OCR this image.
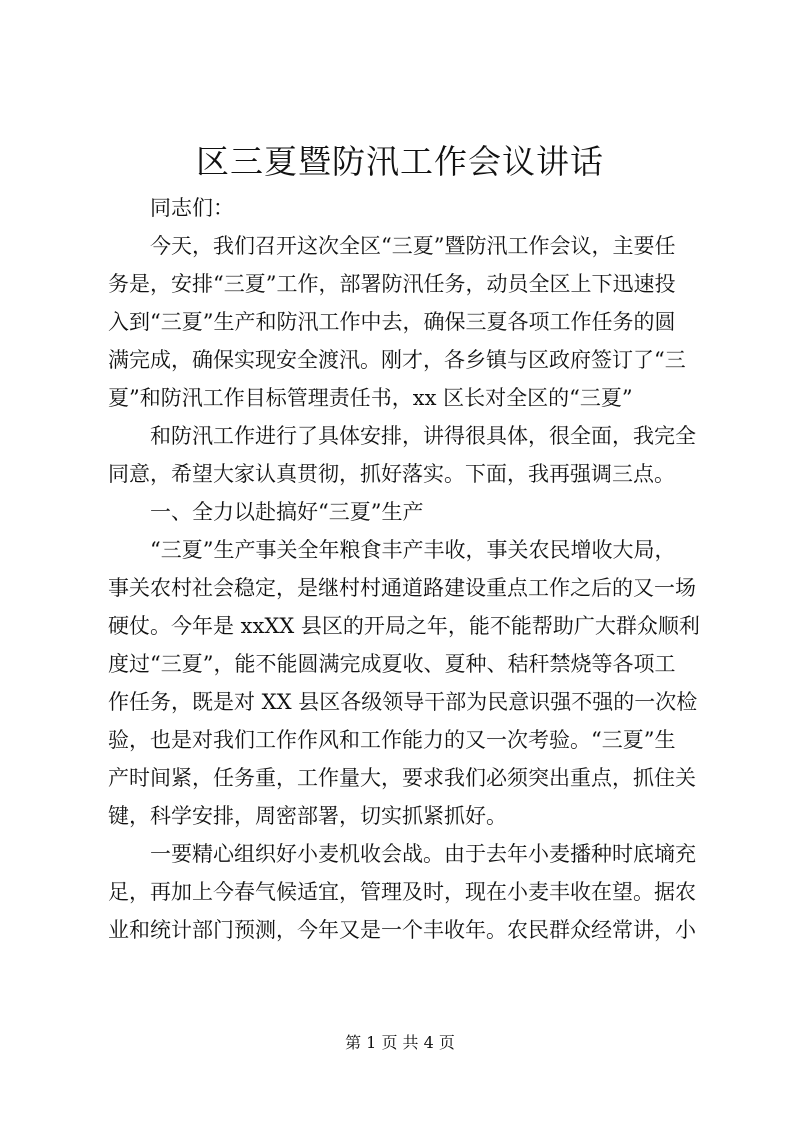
区三夏暨防汛工作会议讲话
同志们：
今天，我们召开这次全区“三夏”暨防汛工作会议，主要任
务是，安排“三夏”工作，部署防汛任务，动员全区上下迅速投
入到“三夏”生产和防汛工作中去，确保三夏各项工作任务的圆
满完成，确保实现安全渡汛。刚才，各乡镇与区政府签订了“三
夏”和防汛工作目标管理责任书，xx 区长对全区的“三夏”
和防汛工作进行了具体安排，讲得很具体，很全面，我完全
同意，希望大家认真贯彻，抓好落实。下面，我再强调三点。
一、全力以赴搞好“三夏”生产
“三夏”生产事关全年粮食丰产丰收，事关农民增收大局，
事关农村社会稳定，是继村村通道路建设重点工作之后的又一场
硬仗。今年是 xxXX 县区的开局之年，能不能帮助广大群众顺利
度过“三夏”，能不能圆满完成夏收、夏种、秸秆禁烧等各项工
作任务，既是对 XX 县区各级领导干部为民意识强不强的一次检
验，也是对我们工作作风和工作能力的又一次考验。“三夏”生
产时间紧，任务重，工作量大，要求我们必须突出重点，抓住关
键，科学安排，周密部署，切实抓紧抓好。
一要精心组织好小麦机收会战。由于去年小麦播种时底墒充
足，再加上今春气候适宜，管理及时，现在小麦丰收在望。据农
业和统计部门预测，今年又是一个丰收年。农民群众经常讲，小
第 1 页 共 4 页
